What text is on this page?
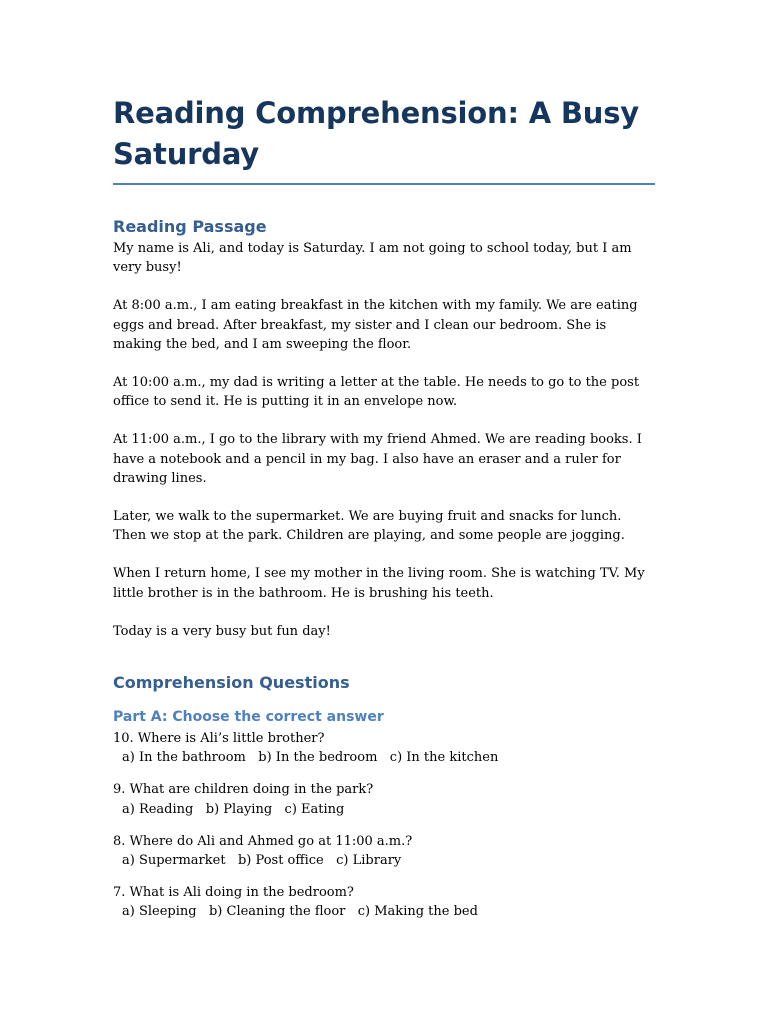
Reading Comprehension: A Busy Saturday
Reading Passage

My name is Ali, and today is Saturday. I am not going to school today, but I am very busy!

At 8:00 a.m., I am eating breakfast in the kitchen with my family. We are eating eggs and bread. After breakfast, my sister and I clean our bedroom. She is making the bed, and I am sweeping the floor.

At 10:00 a.m., my dad is writing a letter at the table. He needs to go to the post office to send it. He is putting it in an envelope now.

At 11:00 a.m., I go to the library with my friend Ahmed. We are reading books. I have a notebook and a pencil in my bag. I also have an eraser and a ruler for drawing lines.

Later, we walk to the supermarket. We are buying fruit and snacks for lunch. Then we stop at the park. Children are playing, and some people are jogging.

When I return home, I see my mother in the living room. She is watching TV. My little brother is in the bathroom. He is brushing his teeth.

Today is a very busy but fun day!

Comprehension Questions
Part A: Choose the correct answer
10. Where is Ali’s little brother?
a) In the bathroom   b) In the bedroom   c) In the kitchen
9. What are children doing in the park?
a) Reading   b) Playing   c) Eating
8. Where do Ali and Ahmed go at 11:00 a.m.?
a) Supermarket   b) Post office   c) Library
7. What is Ali doing in the bedroom?
a) Sleeping   b) Cleaning the floor   c) Making the bed
